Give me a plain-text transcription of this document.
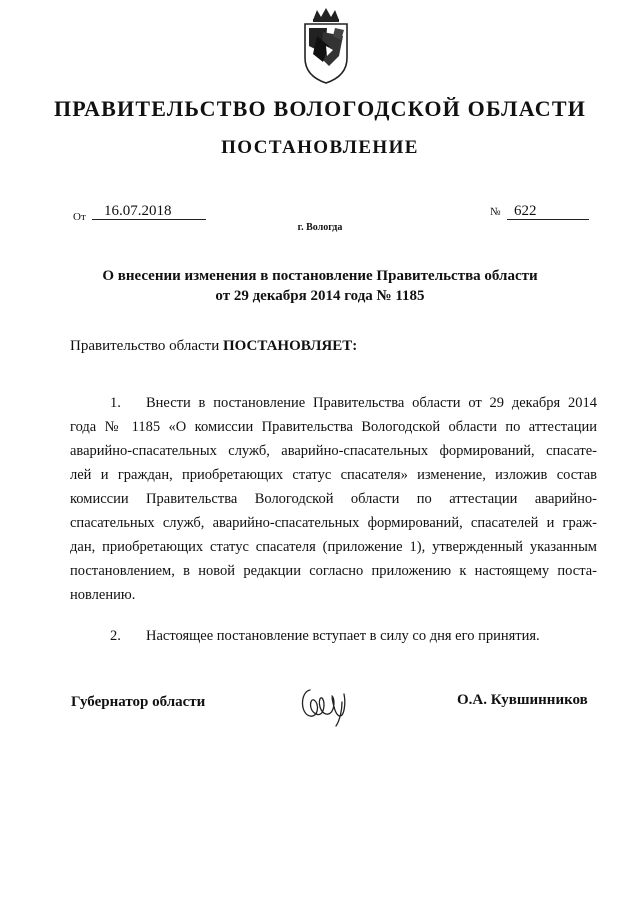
ПРАВИТЕЛЬСТВО ВОЛОГОДСКОЙ ОБЛАСТИ
ПОСТАНОВЛЕНИЕ
От 16.07.2018	№ 622
г. Вологда
О внесении изменения в постановление Правительства области
от 29 декабря 2014 года № 1185
Правительство области ПОСТАНОВЛЯЕТ:
1. Внести в постановление Правительства области от 29 декабря 2014
года № 1185 «О комиссии Правительства Вологодской области по аттестации
аварийно-спасательных служб, аварийно-спасательных формирований, спасате-
лей и граждан, приобретающих статус спасателя» изменение, изложив состав
комиссии Правительства Вологодской области по аттестации аварийно-
спасательных служб, аварийно-спасательных формирований, спасателей и граж-
дан, приобретающих статус спасателя (приложение 1), утвержденный указанным
постановлением, в новой редакции согласно приложению к настоящему поста-
новлению.
2. Настоящее постановление вступает в силу со дня его принятия.
Губернатор области	О.А. Кувшинников
